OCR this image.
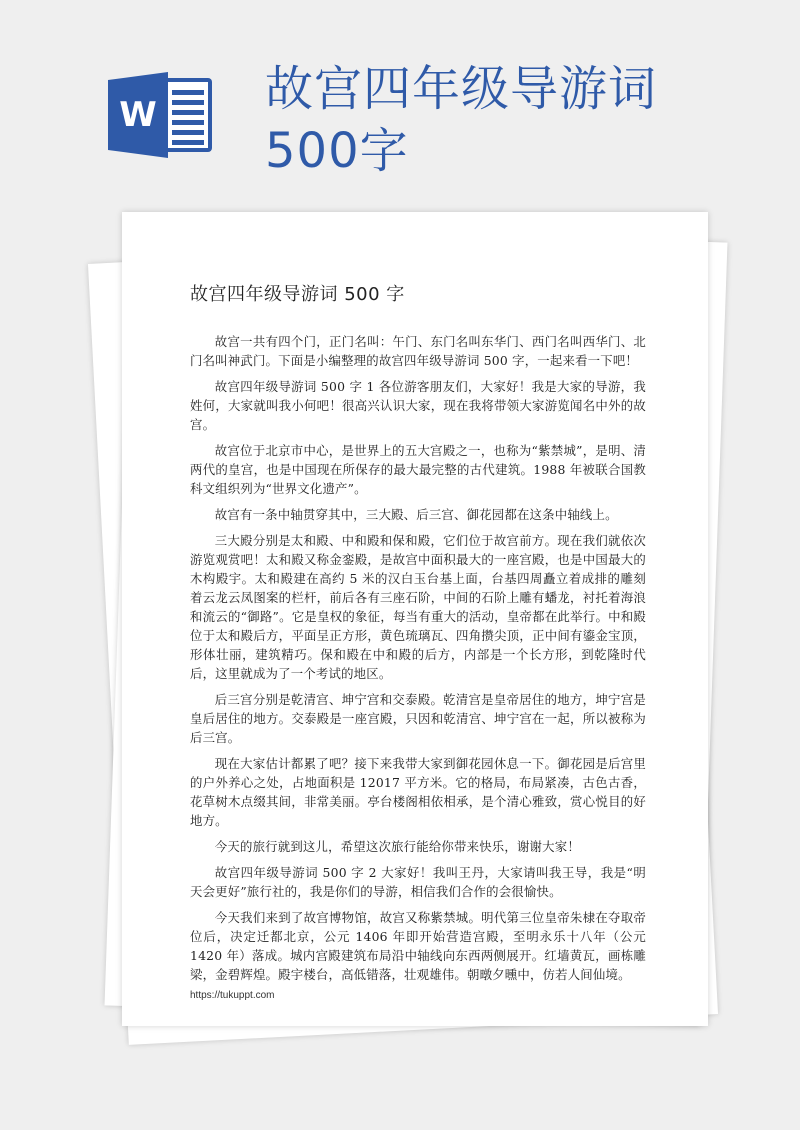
W 故宫四年级导游词500字
故宫四年级导游词 500 字

故宫一共有四个门，正门名叫：午门、东门名叫东华门、西门名叫西华门、北门名叫神武门。下面是小编整理的故宫四年级导游词 500 字，一起来看一下吧！

故宫四年级导游词 500 字 1 各位游客朋友们，大家好！我是大家的导游，我姓何，大家就叫我小何吧！很高兴认识大家，现在我将带领大家游览闻名中外的故宫。

故宫位于北京市中心，是世界上的五大宫殿之一，也称为“紫禁城”，是明、清两代的皇宫，也是中国现在所保存的最大最完整的古代建筑。1988 年被联合国教科文组织列为“世界文化遗产”。

故宫有一条中轴贯穿其中，三大殿、后三宫、御花园都在这条中轴线上。

三大殿分别是太和殿、中和殿和保和殿，它们位于故宫前方。现在我们就依次游览观赏吧！太和殿又称金銮殿，是故宫中面积最大的一座宫殿，也是中国最大的木构殿宇。太和殿建在高约 5 米的汉白玉台基上面，台基四周矗立着成排的雕刻着云龙云凤图案的栏杆，前后各有三座石阶，中间的石阶上雕有蟠龙，衬托着海浪和流云的“御路”。它是皇权的象征，每当有重大的活动，皇帝都在此举行。中和殿位于太和殿后方，平面呈正方形，黄色琉璃瓦、四角攒尖顶，正中间有鎏金宝顶，形体壮丽，建筑精巧。保和殿在中和殿的后方，内部是一个长方形，到乾隆时代后，这里就成为了一个考试的地区。

后三宫分别是乾清宫、坤宁宫和交泰殿。乾清宫是皇帝居住的地方，坤宁宫是皇后居住的地方。交泰殿是一座宫殿，只因和乾清宫、坤宁宫在一起，所以被称为后三宫。

现在大家估计都累了吧？接下来我带大家到御花园休息一下。御花园是后宫里的户外养心之处，占地面积是 12017 平方米。它的格局，布局紧凑，古色古香，花草树木点缀其间，非常美丽。亭台楼阁相依相承，是个清心雅致，赏心悦目的好地方。

今天的旅行就到这儿，希望这次旅行能给你带来快乐，谢谢大家！

故宫四年级导游词 500 字 2 大家好！我叫王丹，大家请叫我王导，我是“明天会更好”旅行社的，我是你们的导游，相信我们合作的会很愉快。

今天我们来到了故宫博物馆，故宫又称紫禁城。明代第三位皇帝朱棣在夺取帝位后，决定迁都北京，公元 1406 年即开始营造宫殿，至明永乐十八年（公元 1420 年）落成。城内宫殿建筑布局沿中轴线向东西两侧展开。红墙黄瓦，画栋雕梁，金碧辉煌。殿宇楼台，高低错落，壮观雄伟。朝暾夕曛中，仿若人间仙境。

https://tukuppt.com
